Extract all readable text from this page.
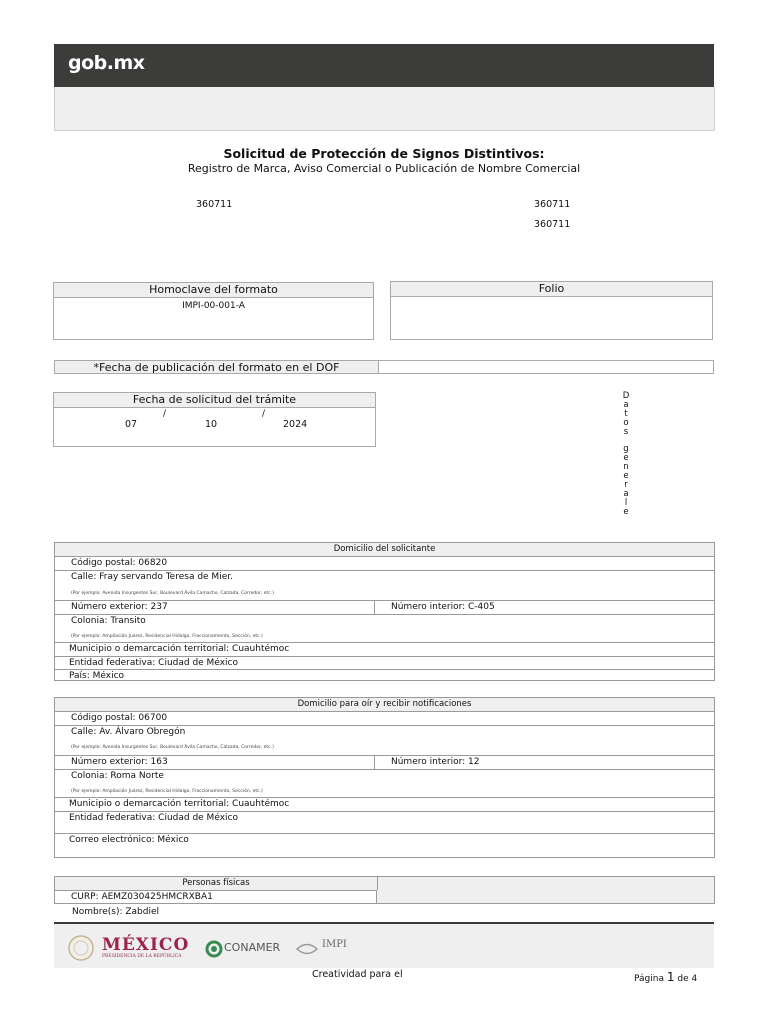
gob.mx
Solicitud de Protección de Signos Distintivos:
Registro de Marca, Aviso Comercial o Publicación de Nombre Comercial
360711	360711
360711
Homoclave del formato
IMPI-00-001-A
Folio
*Fecha de publicación del formato en el DOF
Fecha de solicitud del trámite
/	/
07	10	2024
D
a
t
o
s

g
e
n
e
r
a
l
e
Domicilio del solicitante
Código postal: 06820
Calle: Fray servando Teresa de Mier.
(Por ejemplo: Avenida Insurgentes Sur, Boulevard Ávila Camacho, Calzada, Corredor, etc.)
Número exterior: 237	Número interior: C-405
Colonia: Transito
(Por ejemplo: Ampliación Juárez, Residencial Hidalgo, Fraccionamiento, Sección, etc.)
Municipio o demarcación territorial: Cuauhtémoc
Entidad federativa: Ciudad de México
País: México
Domicilio para oír y recibir notificaciones
Código postal: 06700
Calle: Av. Álvaro Obregón
(Por ejemplo: Avenida Insurgentes Sur, Boulevard Ávila Camacho, Calzada, Corredor, etc.)
Número exterior: 163	Número interior: 12
Colonia: Roma Norte
(Por ejemplo: Ampliación Juárez, Residencial Hidalgo, Fraccionamiento, Sección, etc.)
Municipio o demarcación territorial: Cuauhtémoc
Entidad federativa: Ciudad de México
Correo electrónico: México
Personas físicas
CURP: AEMZ030425HMCRXBA1
Nombre(s): Zabdiel
MÉXICO
PRESIDENCIA DE LA REPÚBLICA
CONAMER	IMPI
Creatividad para el	Página 1 de 4
